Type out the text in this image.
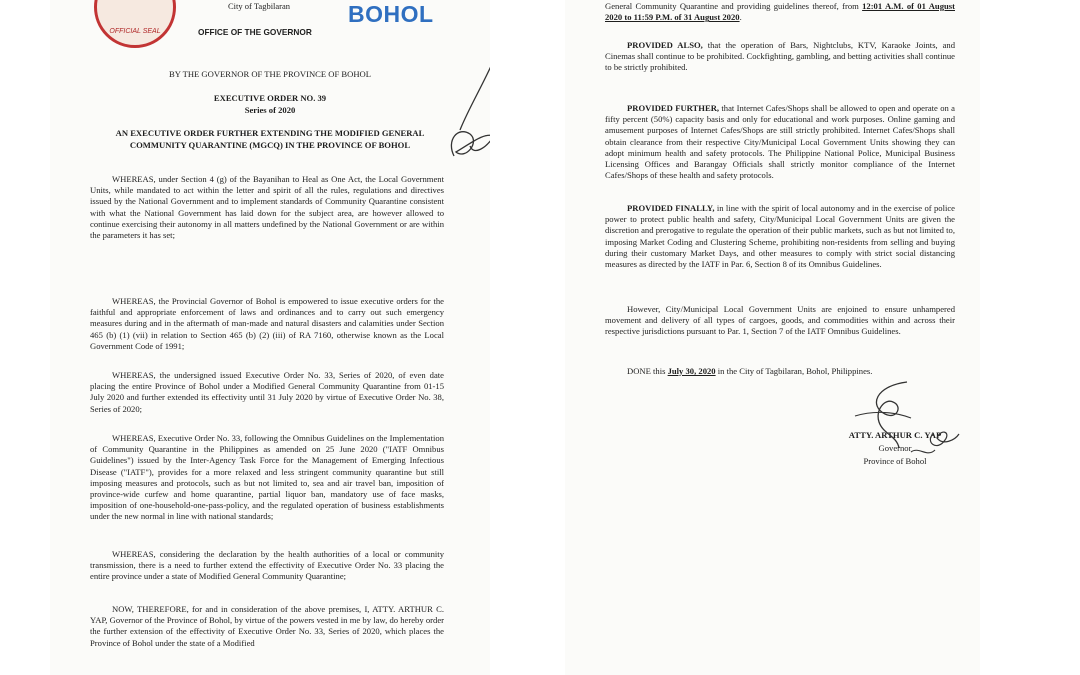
OFFICIAL SEAL
City of Tagbilaran	BOHOL
OFFICE OF THE GOVERNOR

BY THE GOVERNOR OF THE PROVINCE OF BOHOL

EXECUTIVE ORDER NO. 39

Series of 2020

AN EXECUTIVE ORDER FURTHER EXTENDING THE MODIFIED GENERAL

COMMUNITY QUARANTINE (MGCQ) IN THE PROVINCE OF BOHOL

WHEREAS, under Section 4 (g) of the Bayanihan to Heal as One Act, the Local Government Units, while mandated to act within the letter and spirit of all the rules, regulations and directives issued by the National Government and to implement standards of Community Quarantine consistent with what the National Government has laid down for the subject area, are however allowed to continue exercising their autonomy in all matters undefined by the National Government or are within the parameters it has set;

WHEREAS, the Provincial Governor of Bohol is empowered to issue executive orders for the faithful and appropriate enforcement of laws and ordinances and to carry out such emergency measures during and in the aftermath of man-made and natural disasters and calamities under Section 465 (b) (1) (vii) in relation to Section 465 (b) (2) (iii) of RA 7160, otherwise known as the Local Government Code of 1991;

WHEREAS, the undersigned issued Executive Order No. 33, Series of 2020, of even date placing the entire Province of Bohol under a Modified General Community Quarantine from 01-15 July 2020 and further extended its effectivity until 31 July 2020 by virtue of Executive Order No. 38, Series of 2020;

WHEREAS, Executive Order No. 33, following the Omnibus Guidelines on the Implementation of Community Quarantine in the Philippines as amended on 25 June 2020 ("IATF Omnibus Guidelines") issued by the Inter-Agency Task Force for the Management of Emerging Infectious Disease ("IATF"), provides for a more relaxed and less stringent community quarantine but still imposing measures and protocols, such as but not limited to, sea and air travel ban, imposition of province-wide curfew and home quarantine, partial liquor ban, mandatory use of face masks, imposition of one-household-one-pass-policy, and the regulated operation of business establishments under the new normal in line with national standards;

WHEREAS, considering the declaration by the health authorities of a local or community transmission, there is a need to further extend the effectivity of Executive Order No. 33 placing the entire province under a state of Modified General Community Quarantine;

NOW, THEREFORE, for and in consideration of the above premises, I, ATTY. ARTHUR C. YAP, Governor of the Province of Bohol, by virtue of the powers vested in me by law, do hereby order the further extension of the effectivity of Executive Order No. 33, Series of 2020, which places the Province of Bohol under the state of a Modified

General Community Quarantine and providing guidelines thereof, from 12:01 A.M. of 01 August 2020 to 11:59 P.M. of 31 August 2020.

PROVIDED ALSO, that the operation of Bars, Nightclubs, KTV, Karaoke Joints, and Cinemas shall continue to be prohibited. Cockfighting, gambling, and betting activities shall continue to be strictly prohibited.

PROVIDED FURTHER, that Internet Cafes/Shops shall be allowed to open and operate on a fifty percent (50%) capacity basis and only for educational and work purposes. Online gaming and amusement purposes of Internet Cafes/Shops are still strictly prohibited. Internet Cafes/Shops shall obtain clearance from their respective City/Municipal Local Government Units showing they can adopt minimum health and safety protocols. The Philippine National Police, Municipal Business Licensing Offices and Barangay Officials shall strictly monitor compliance of the Internet Cafes/Shops of these health and safety protocols.

PROVIDED FINALLY, in line with the spirit of local autonomy and in the exercise of police power to protect public health and safety, City/Municipal Local Government Units are given the discretion and prerogative to regulate the operation of their public markets, such as but not limited to, imposing Market Coding and Clustering Scheme, prohibiting non-residents from selling and buying during their customary Market Days, and other measures to comply with strict social distancing measures as directed by the IATF in Par. 6, Section 8 of its Omnibus Guidelines.

However, City/Municipal Local Government Units are enjoined to ensure unhampered movement and delivery of all types of cargoes, goods, and commodities within and across their respective jurisdictions pursuant to Par. 1, Section 7 of the IATF Omnibus Guidelines.

DONE this July 30, 2020 in the City of Tagbilaran, Bohol, Philippines.

ATTY. ARTHUR C. YAP

Governor

Province of Bohol
